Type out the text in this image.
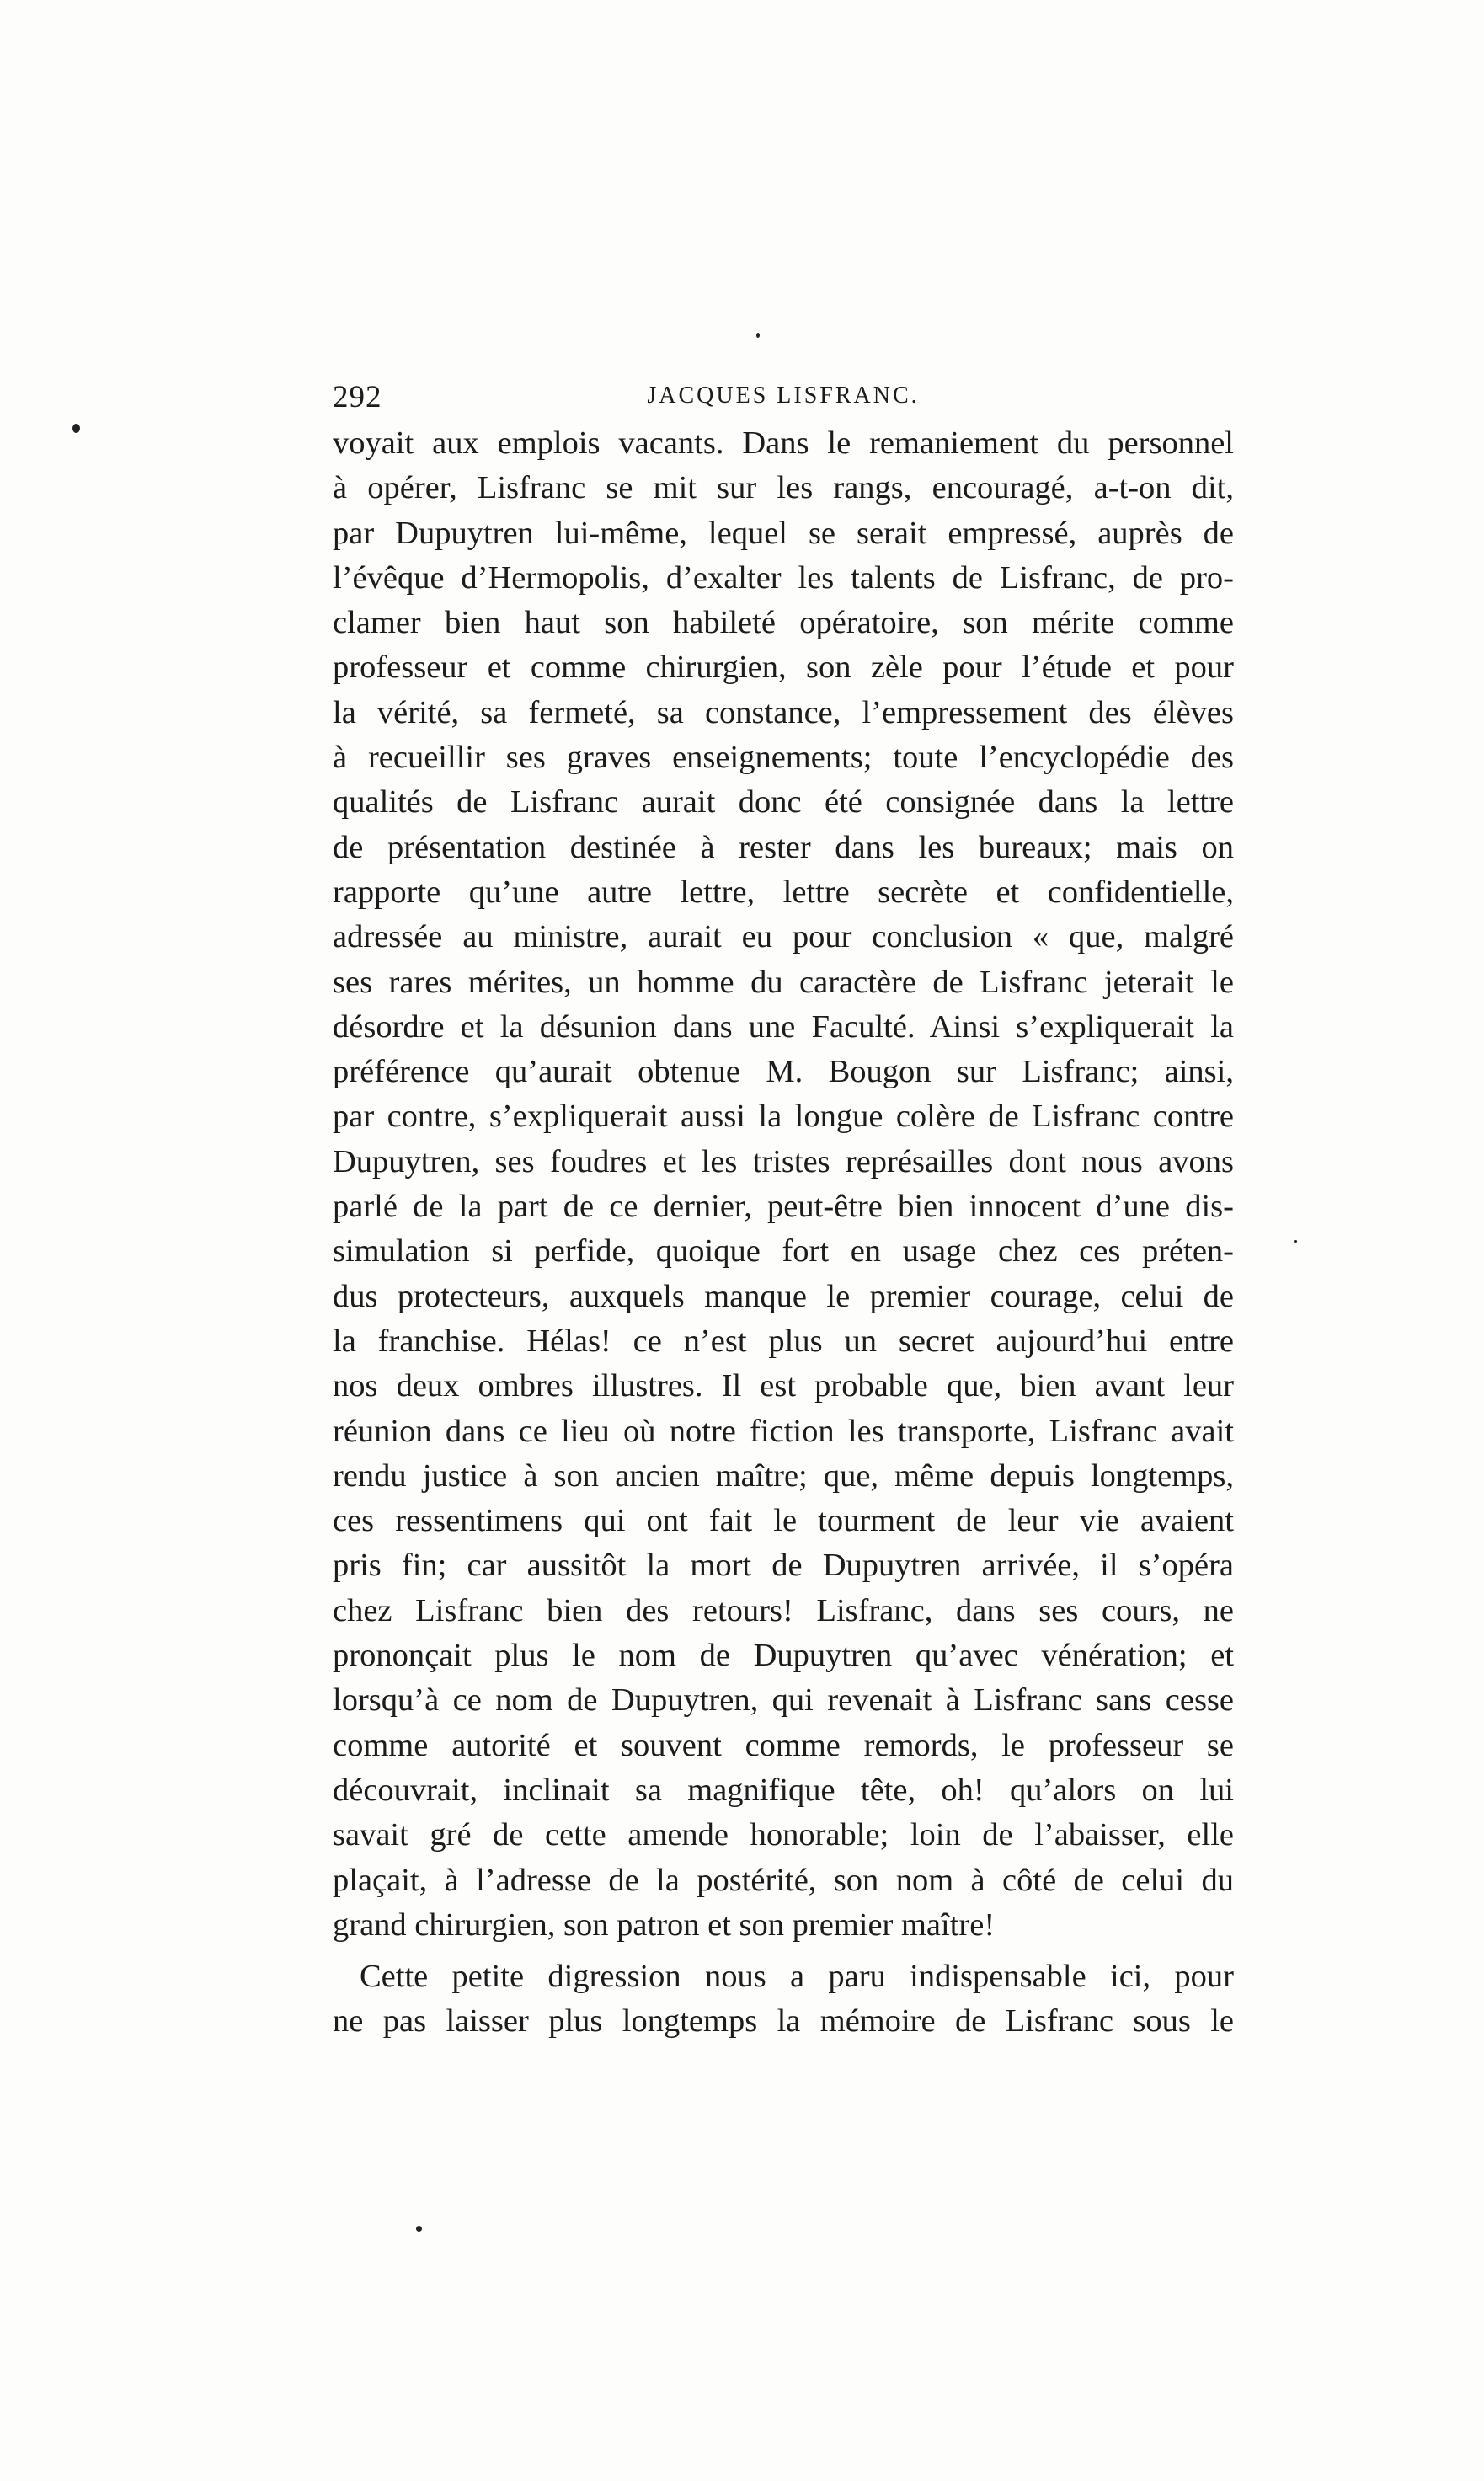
292	JACQUES LISFRANC.
voyait aux emplois vacants. Dans le remaniement du personnel
à opérer, Lisfranc se mit sur les rangs, encouragé, a-t-on dit,
par Dupuytren lui-même, lequel se serait empressé, auprès de
l’évêque d’Hermopolis, d’exalter les talents de Lisfranc, de pro-
clamer bien haut son habileté opératoire, son mérite comme
professeur et comme chirurgien, son zèle pour l’étude et pour
la vérité, sa fermeté, sa constance, l’empressement des élèves
à recueillir ses graves enseignements; toute l’encyclopédie des
qualités de Lisfranc aurait donc été consignée dans la lettre
de présentation destinée à rester dans les bureaux; mais on
rapporte qu’une autre lettre, lettre secrète et confidentielle,
adressée au ministre, aurait eu pour conclusion « que, malgré
ses rares mérites, un homme du caractère de Lisfranc jeterait le
désordre et la désunion dans une Faculté. Ainsi s’expliquerait la
préférence qu’aurait obtenue M. Bougon sur Lisfranc; ainsi,
par contre, s’expliquerait aussi la longue colère de Lisfranc contre
Dupuytren, ses foudres et les tristes représailles dont nous avons
parlé de la part de ce dernier, peut-être bien innocent d’une dis-
simulation si perfide, quoique fort en usage chez ces préten-
dus protecteurs, auxquels manque le premier courage, celui de
la franchise. Hélas! ce n’est plus un secret aujourd’hui entre
nos deux ombres illustres. Il est probable que, bien avant leur
réunion dans ce lieu où notre fiction les transporte, Lisfranc avait
rendu justice à son ancien maître; que, même depuis longtemps,
ces ressentimens qui ont fait le tourment de leur vie avaient
pris fin; car aussitôt la mort de Dupuytren arrivée, il s’opéra
chez Lisfranc bien des retours! Lisfranc, dans ses cours, ne
prononçait plus le nom de Dupuytren qu’avec vénération; et
lorsqu’à ce nom de Dupuytren, qui revenait à Lisfranc sans cesse
comme autorité et souvent comme remords, le professeur se
découvrait, inclinait sa magnifique tête, oh! qu’alors on lui
savait gré de cette amende honorable; loin de l’abaisser, elle
plaçait, à l’adresse de la postérité, son nom à côté de celui du
grand chirurgien, son patron et son premier maître!
Cette petite digression nous a paru indispensable ici, pour
ne pas laisser plus longtemps la mémoire de Lisfranc sous le
